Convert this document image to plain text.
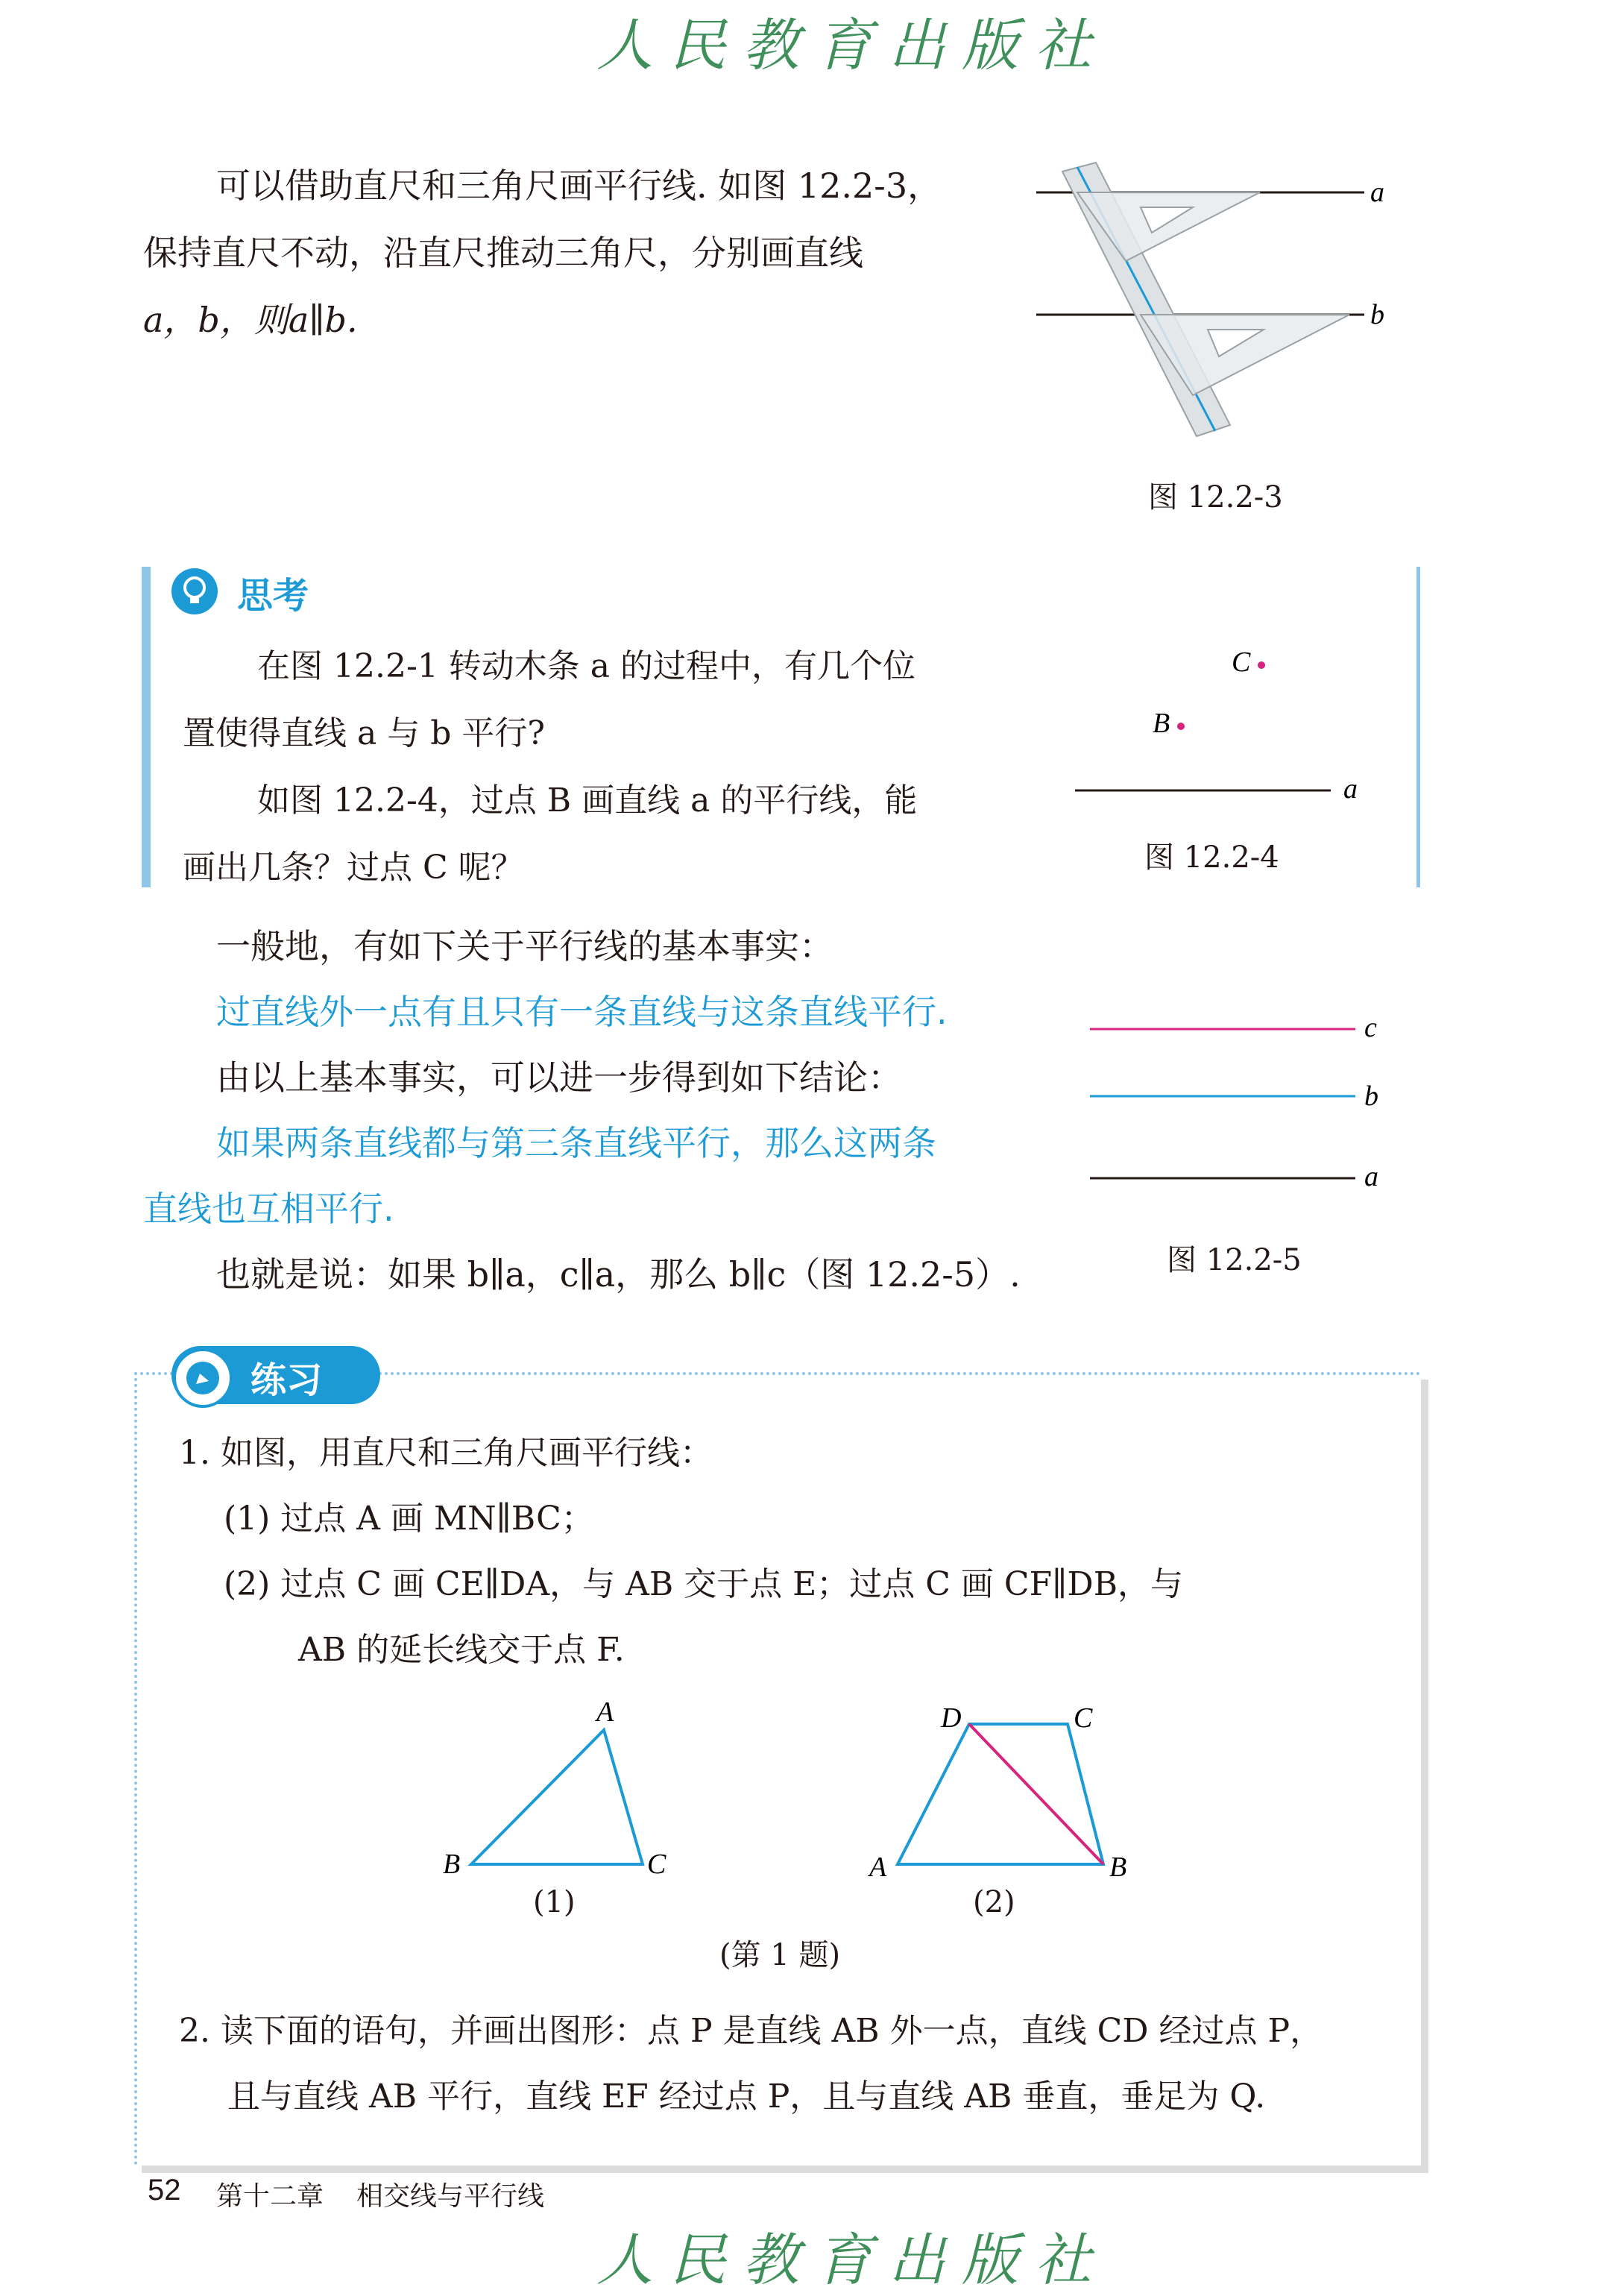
人民教育出版社
可以借助直尺和三角尺画平行线. 如图 12.2-3，
保持直尺不动，沿直尺推动三角尺，分别画直线
a，b，则a∥b.
a
b
图 12.2-3
思考
在图 12.2-1 转动木条 a 的过程中，有几个位
置使得直线 a 与 b 平行?
如图 12.2-4，过点 B 画直线 a 的平行线，能
画出几条？过点 C 呢？
C
B
a
图 12.2-4
一般地，有如下关于平行线的基本事实：
过直线外一点有且只有一条直线与这条直线平行.
由以上基本事实，可以进一步得到如下结论：
如果两条直线都与第三条直线平行，那么这两条
直线也互相平行.
也就是说：如果 b∥a，c∥a，那么 b∥c（图 12.2-5）.
c
b
a
图 12.2-5
练习
1. 如图，用直尺和三角尺画平行线：
(1) 过点 A 画 MN∥BC；
(2) 过点 C 画 CE∥DA，与 AB 交于点 E；过点 C 画 CF∥DB，与
AB 的延长线交于点 F.
A
B	C
(1)
D	C
A	B
(2)
(第 1 题)
2. 读下面的语句，并画出图形：点 P 是直线 AB 外一点，直线 CD 经过点 P，
且与直线 AB 平行，直线 EF 经过点 P，且与直线 AB 垂直，垂足为 Q.
52 第十二章 相交线与平行线
人民教育出版社
